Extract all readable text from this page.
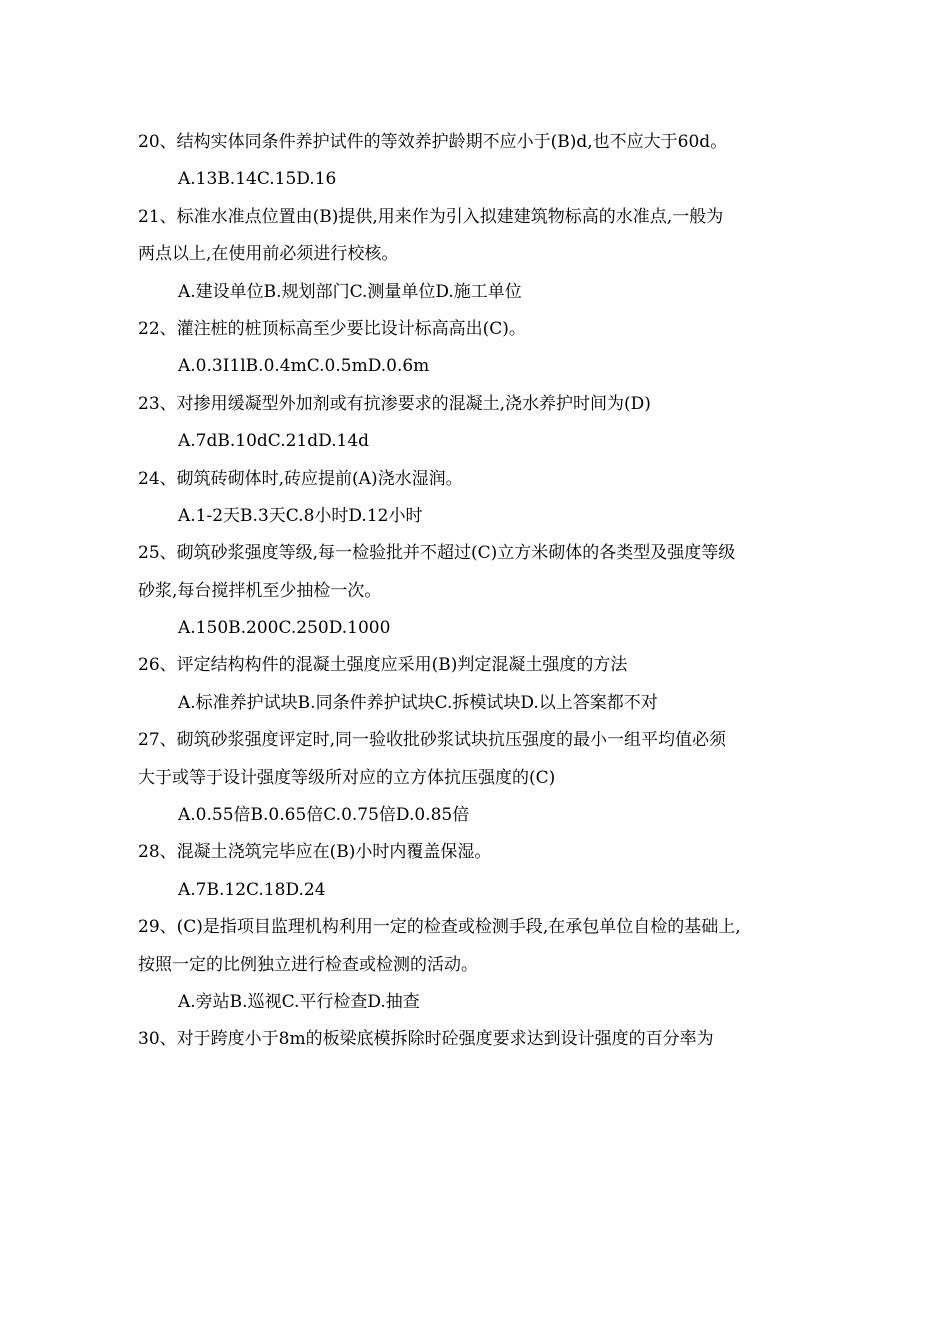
20、结构实体同条件养护试件的等效养护龄期不应小于(B)d,也不应大于60d。
A.13B.14C.15D.16
21、标准水准点位置由(B)提供,用来作为引入拟建建筑物标高的水准点,一般为
两点以上,在使用前必须进行校核。
A.建设单位B.规划部门C.测量单位D.施工单位
22、灌注桩的桩顶标高至少要比设计标高高出(C)。
A.0.3I1lB.0.4mC.0.5mD.0.6m
23、对掺用缓凝型外加剂或有抗渗要求的混凝土,浇水养护时间为(D)
A.7dB.10dC.21dD.14d
24、砌筑砖砌体时,砖应提前(A)浇水湿润。
A.1-2天B.3天C.8小时D.12小时
25、砌筑砂浆强度等级,每一检验批并不超过(C)立方米砌体的各类型及强度等级
砂浆,每台搅拌机至少抽检一次。
A.150B.200C.250D.1000
26、评定结构构件的混凝土强度应采用(B)判定混凝土强度的方法
A.标准养护试块B.同条件养护试块C.拆模试块D.以上答案都不对
27、砌筑砂浆强度评定时,同一验收批砂浆试块抗压强度的最小一组平均值必须
大于或等于设计强度等级所对应的立方体抗压强度的(C)
A.0.55倍B.0.65倍C.0.75倍D.0.85倍
28、混凝土浇筑完毕应在(B)小时内覆盖保湿。
A.7B.12C.18D.24
29、(C)是指项目监理机构利用一定的检查或检测手段,在承包单位自检的基础上,
按照一定的比例独立进行检查或检测的活动。
A.旁站B.巡视C.平行检查D.抽查
30、对于跨度小于8m的板梁底模拆除时砼强度要求达到设计强度的百分率为
